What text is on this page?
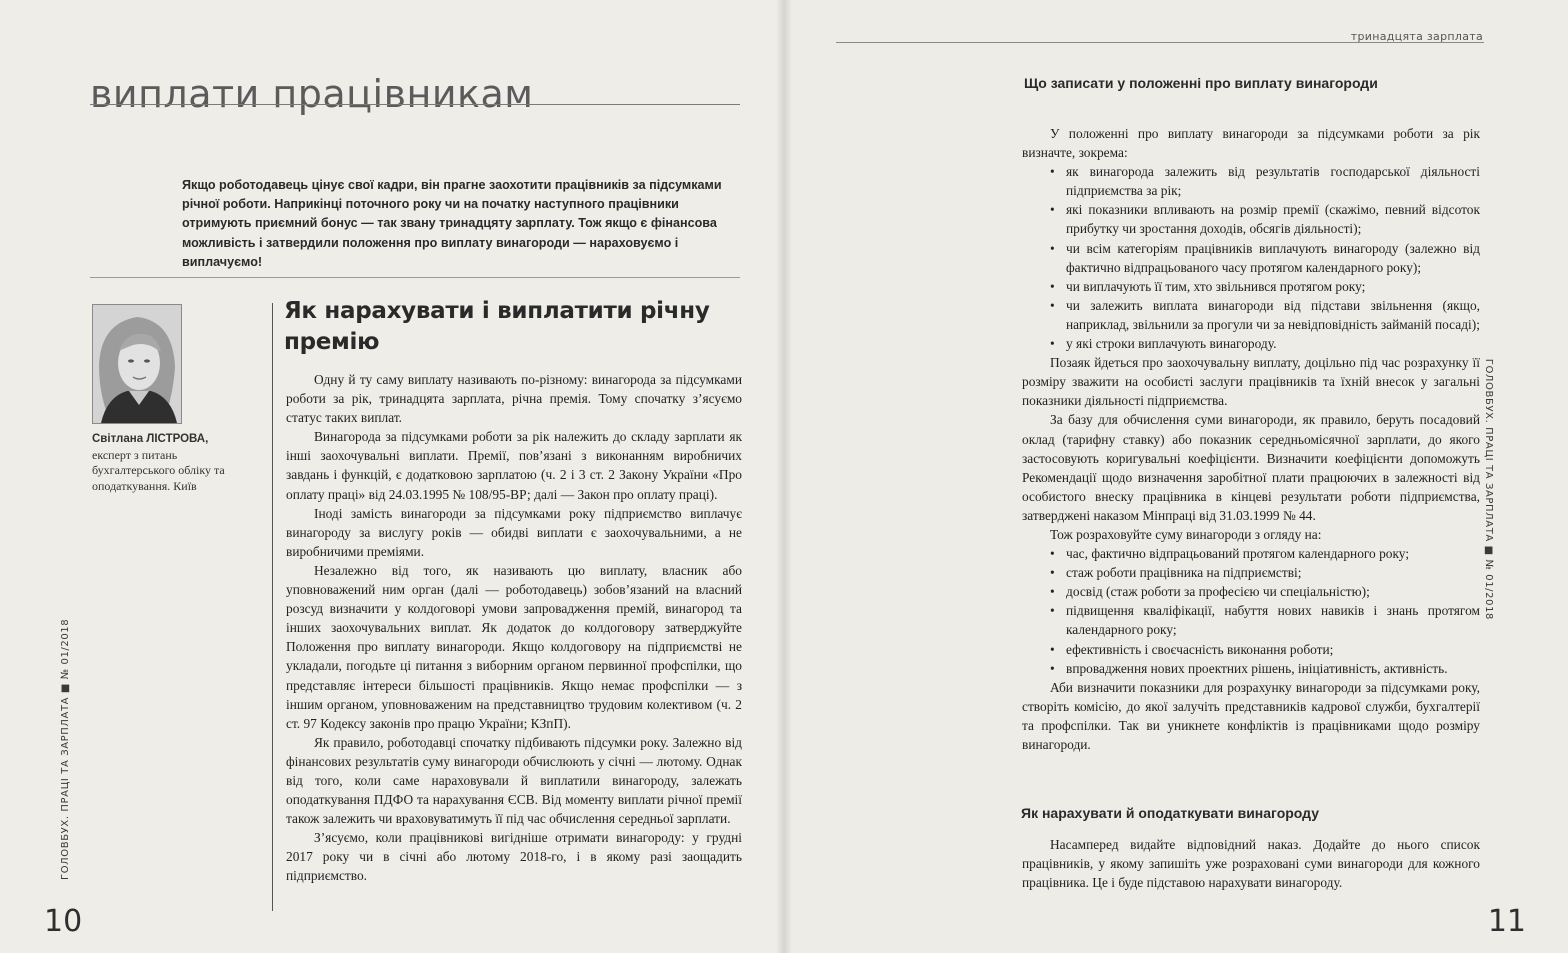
виплати працівникам

Якщо роботодавець цінує свої кадри, він прагне заохотити працівників за підсумками річної роботи. Наприкінці поточного року чи на початку наступного працівники отримують приємний бонус — так звану тринадцяту зарплату. Тож якщо є фінансова можливість і затвердили положення про виплату винагороди — нараховуємо і виплачуємо!

Світлана ЛІСТРОВА,
експерт з питань бухгалтерського обліку та оподаткування. Київ
Як нарахувати і виплатити річну премію

Одну й ту саму виплату називають по-різному: винагорода за підсумками роботи за рік, тринадцята зарплата, річна премія. Тому спочатку з’ясуємо статус таких виплат.

Винагорода за підсумками роботи за рік належить до складу зарплати як інші заохочувальні виплати. Премії, пов’язані з виконанням виробничих завдань і функцій, є додатковою зарплатою (ч. 2 і 3 ст. 2 Закону України «Про оплату праці» від 24.03.1995 № 108/95-ВР; далі — Закон про оплату праці).

Іноді замість винагороди за підсумками року підприємство виплачує винагороду за вислугу років — обидві виплати є заохочувальними, а не виробничими преміями.

Незалежно від того, як називають цю виплату, власник або уповноважений ним орган (далі — роботодавець) зобов’язаний на власний розсуд визначити у колдоговорі умови запровадження премій, винагород та інших заохочувальних виплат. Як додаток до колдоговору затверджуйте Положення про виплату винагороди. Якщо колдоговору на підприємстві не укладали, погодьте ці питання з виборним органом первинної профспілки, що представляє інтереси більшості працівників. Якщо немає профспілки — з іншим органом, уповноваженим на представництво трудовим колективом (ч. 2 ст. 97 Кодексу законів про працю України; КЗпП).

Як правило, роботодавці спочатку підбивають підсумки року. Залежно від фінансових результатів суму винагороди обчислюють у січні — лютому. Однак від того, коли саме нараховували й виплатили винагороду, залежать оподаткування ПДФО та нарахування ЄСВ. Від моменту виплати річної премії також залежить чи враховуватимуть її під час обчислення середньої зарплати.

З’ясуємо, коли працівникові вигідніше отримати винагороду: у грудні 2017 року чи в січні або лютому 2018-го, і в якому разі заощадить підприємство.

ГОЛОВБУХ. ПРАЦІ ТА ЗАРПЛАТА ■ № 01/2018
10
тринадцята зарплата
Що записати у положенні про виплату винагороди

У положенні про виплату винагороди за підсумками роботи за рік визначте, зокрема:

• як винагорода залежить від результатів господарської діяльності підприємства за рік;
• які показники впливають на розмір премії (скажімо, певний відсоток прибутку чи зростання доходів, обсягів діяльності);
• чи всім категоріям працівників виплачують винагороду (залежно від фактично відпрацьованого часу протягом календарного року);
• чи виплачують її тим, хто звільнився протягом року;
• чи залежить виплата винагороди від підстави звільнення (якщо, наприклад, звільнили за прогули чи за невідповідність займаній посаді);
• у які строки виплачують винагороду.

Позаяк йдеться про заохочувальну виплату, доцільно під час розрахунку її розміру зважити на особисті заслуги працівників та їхній внесок у загальні показники діяльності підприємства.

За базу для обчислення суми винагороди, як правило, беруть посадовий оклад (тарифну ставку) або показник середньомісячної зарплати, до якого застосовують коригувальні коефіцієнти. Визначити коефіцієнти допоможуть Рекомендації щодо визначення заробітної плати працюючих в залежності від особистого внеску працівника в кінцеві результати роботи підприємства, затверджені наказом Мінпраці від 31.03.1999 № 44.

Тож розраховуйте суму винагороди з огляду на:

• час, фактично відпрацьований протягом календарного року;
• стаж роботи працівника на підприємстві;
• досвід (стаж роботи за професією чи спеціальністю);
• підвищення кваліфікації, набуття нових навиків і знань протягом календарного року;
• ефективність і своєчасність виконання роботи;
• впровадження нових проектних рішень, ініціативність, активність.

Аби визначити показники для розрахунку винагороди за підсумками року, створіть комісію, до якої залучіть представників кадрової служби, бухгалтерії та профспілки. Так ви уникнете конфліктів із працівниками щодо розміру винагороди.

Як нарахувати й оподаткувати винагороду

Насамперед видайте відповідний наказ. Додайте до нього список працівників, у якому запишіть уже розраховані суми винагороди для кожного працівника. Це і буде підставою нарахувати винагороду.

ГОЛОВБУХ. ПРАЦІ ТА ЗАРПЛАТА ■ № 01/2018
11
